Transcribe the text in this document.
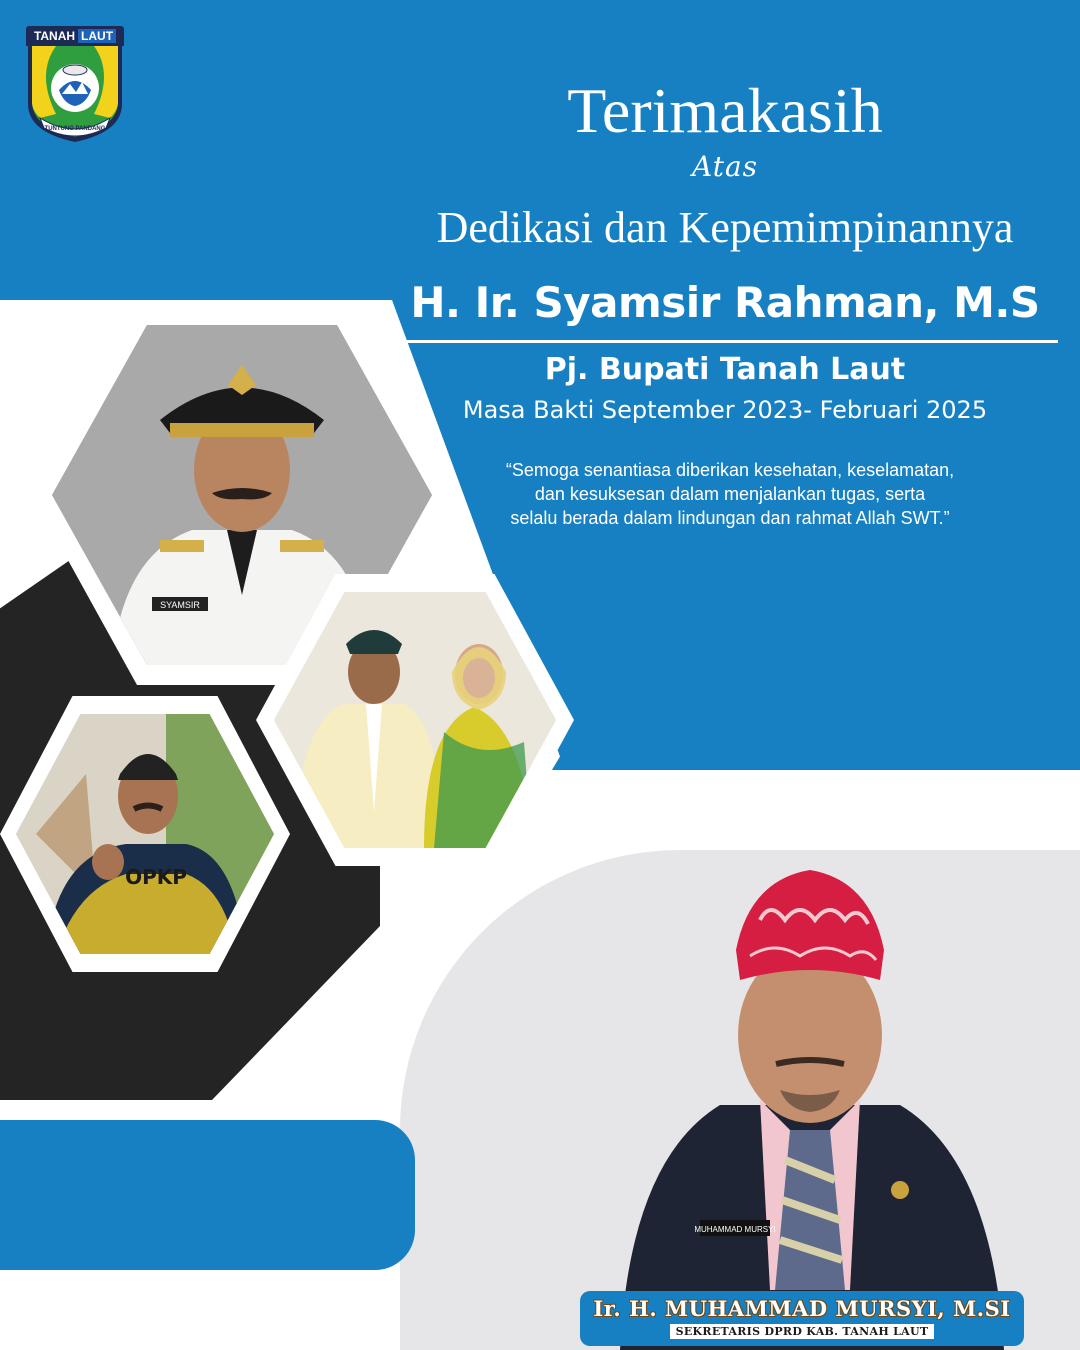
TANAH LAUT
TUNTUNG PANDANG	Terimakasih
Atas
Dedikasi dan Kepemimpinannya
H. Ir. Syamsir Rahman, M.S
Pj. Bupati Tanah Laut
Masa Bakti September 2023- Februari 2025
“Semoga senantiasa diberikan kesehatan, keselamatan,
dan kesuksesan dalam menjalankan tugas, serta
selalu berada dalam lindungan dan rahmat Allah SWT.”
SYAMSIR
OPKP
MUHAMMAD MURSYI
Ir. H. MUHAMMAD MURSYI, M.SI
SEKRETARIS DPRD KAB. TANAH LAUT
